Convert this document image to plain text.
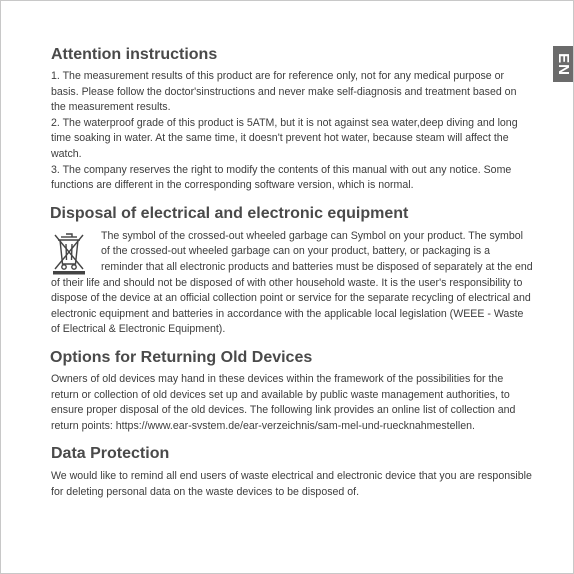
EN
Attention instructions

1. The measurement results of this product are for reference only, not for any medical purpose or basis. Please follow the doctor'sinstructions and never make self-diagnosis and treatment based on the measurement results.

2. The waterproof grade of this product is 5ATM, but it is not against sea water,deep diving and long time soaking in water. At the same time, it doesn't prevent hot water, because steam will affect the watch.

3. The company reserves the right to modify the contents of this manual with out any notice. Some functions are different in the corresponding software version, which is normal.

Disposal of electrical and electronic equipment

The symbol of the crossed-out wheeled garbage can Symbol on your product. The symbol of the crossed-out wheeled garbage can on your product, battery, or packaging is a reminder that all electronic products and batteries must be disposed of separately at the end of their life and should not be disposed of with other household waste. It is the user's responsibility to dispose of the device at an official collection point or service for the separate recycling of electrical and electronic equipment and batteries in accordance with the applicable local legislation (WEEE - Waste of Electrical & Electronic Equipment).

Options for Returning Old Devices

Owners of old devices may hand in these devices within the framework of the possibilities for the return or collection of old devices set up and available by public waste management authorities, to ensure proper disposal of the old devices. The following link provides an online list of collection and return points: https://www.ear-svstem.de/ear-verzeichnis/sam-mel-und-ruecknahmestellen.

Data Protection

We would like to remind all end users of waste electrical and electronic device that you are responsible for deleting personal data on the waste devices to be disposed of.
